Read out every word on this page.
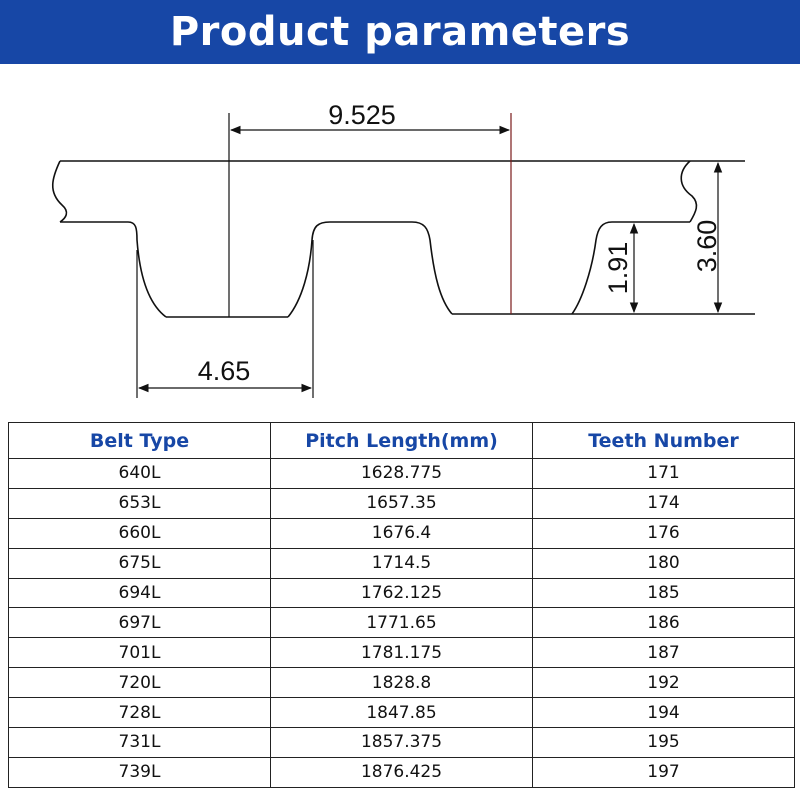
Product parameters
9.525
4.65
1.91 3.60
Belt Type	Pitch Length(mm)	Teeth Number
640L	1628.775	171
653L	1657.35	174
660L	1676.4	176
675L	1714.5	180
694L	1762.125	185
697L	1771.65	186
701L	1781.175	187
720L	1828.8	192
728L	1847.85	194
731L	1857.375	195
739L	1876.425	197
